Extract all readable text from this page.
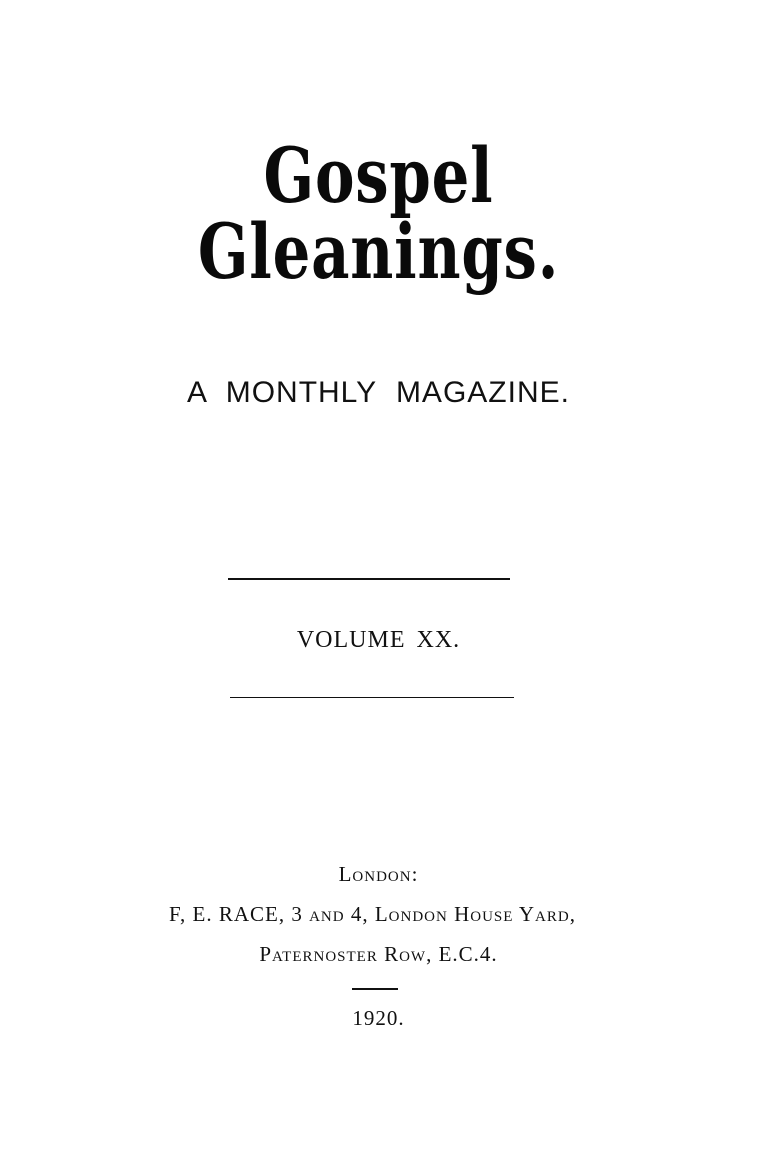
Gospel Gleanings.
A MONTHLY MAGAZINE.
VOLUME XX.
London:
F, E. RACE, 3 and 4, London House Yard,
Paternoster Row, E.C.4.
1920.
